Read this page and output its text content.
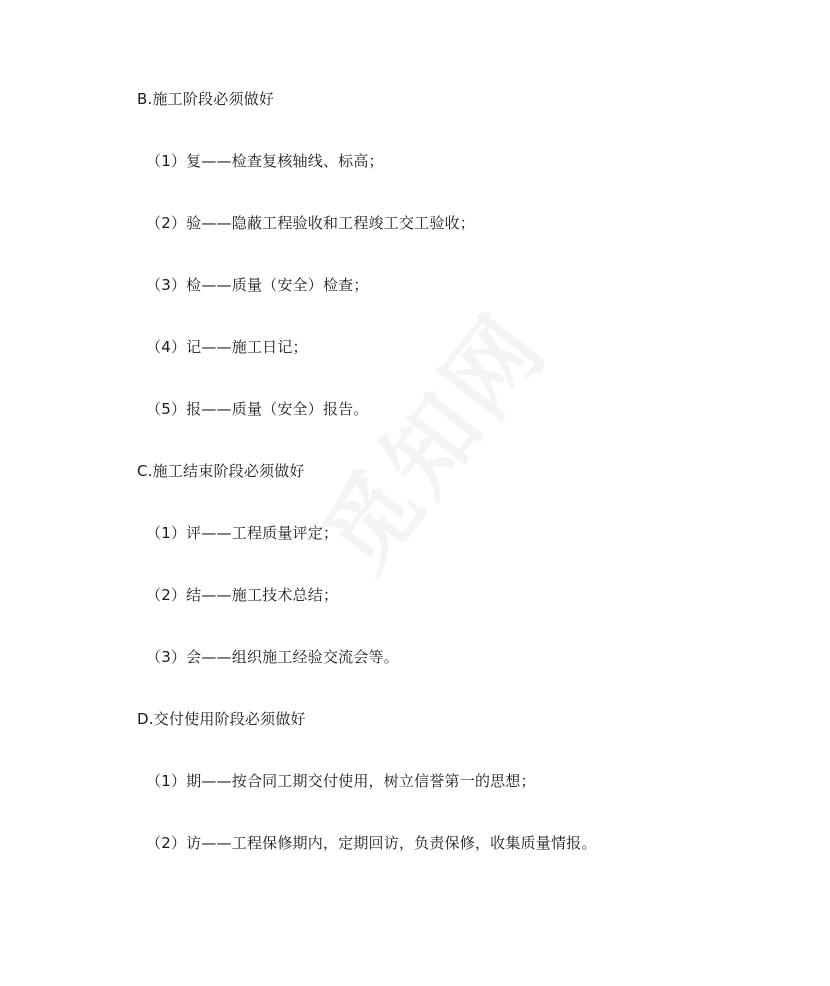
B.施工阶段必须做好
（1）复——检查复核轴线、标高；
（2）验——隐蔽工程验收和工程竣工交工验收；
（3）检——质量（安全）检查；
（4）记——施工日记；
（5）报——质量（安全）报告。
C.施工结束阶段必须做好
（1）评——工程质量评定；
（2）结——施工技术总结；
（3）会——组织施工经验交流会等。
D.交付使用阶段必须做好
（1）期——按合同工期交付使用，树立信誉第一的思想；
（2）访——工程保修期内，定期回访，负责保修，收集质量情报。
